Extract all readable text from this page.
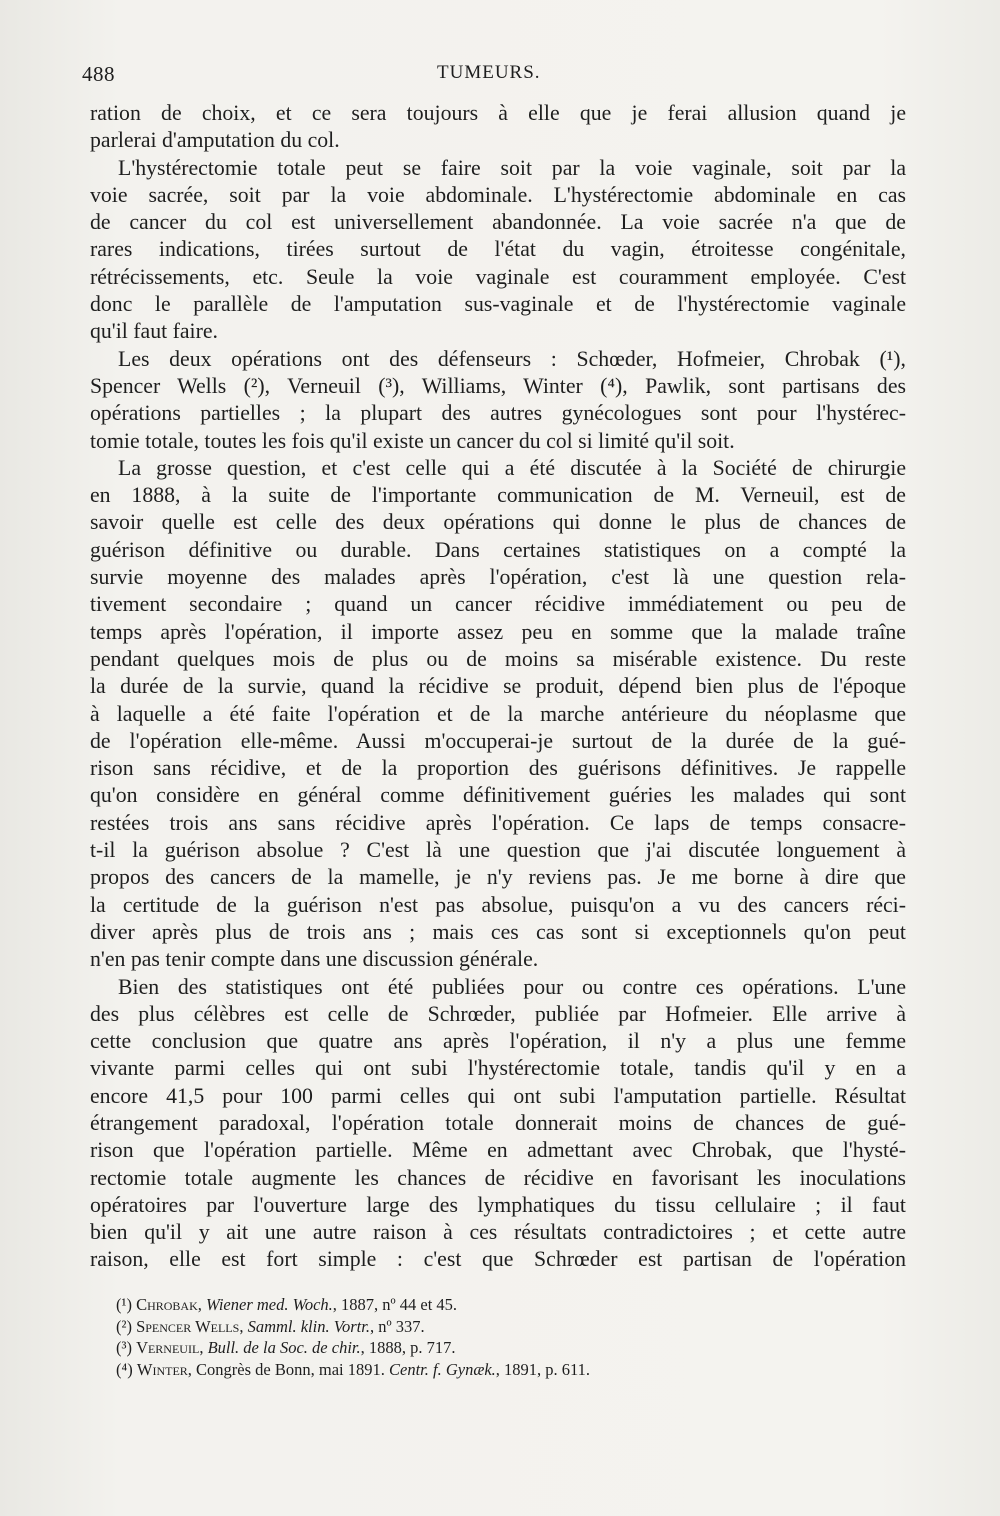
488	TUMEURS.
ration de choix, et ce sera toujours à elle que je ferai allusion quand je
parlerai d'amputation du col.
L'hystérectomie totale peut se faire soit par la voie vaginale, soit par la
voie sacrée, soit par la voie abdominale. L'hystérectomie abdominale en cas
de cancer du col est universellement abandonnée. La voie sacrée n'a que de
rares indications, tirées surtout de l'état du vagin, étroitesse congénitale,
rétrécissements, etc. Seule la voie vaginale est couramment employée. C'est
donc le parallèle de l'amputation sus-vaginale et de l'hystérectomie vaginale
qu'il faut faire.
Les deux opérations ont des défenseurs : Schœder, Hofmeier, Chrobak (¹),
Spencer Wells (²), Verneuil (³), Williams, Winter (⁴), Pawlik, sont partisans des
opérations partielles ; la plupart des autres gynécologues sont pour l'hystérec-
tomie totale, toutes les fois qu'il existe un cancer du col si limité qu'il soit.
La grosse question, et c'est celle qui a été discutée à la Société de chirurgie
en 1888, à la suite de l'importante communication de M. Verneuil, est de
savoir quelle est celle des deux opérations qui donne le plus de chances de
guérison définitive ou durable. Dans certaines statistiques on a compté la
survie moyenne des malades après l'opération, c'est là une question rela-
tivement secondaire ; quand un cancer récidive immédiatement ou peu de
temps après l'opération, il importe assez peu en somme que la malade traîne
pendant quelques mois de plus ou de moins sa misérable existence. Du reste
la durée de la survie, quand la récidive se produit, dépend bien plus de l'époque
à laquelle a été faite l'opération et de la marche antérieure du néoplasme que
de l'opération elle-même. Aussi m'occuperai-je surtout de la durée de la gué-
rison sans récidive, et de la proportion des guérisons définitives. Je rappelle
qu'on considère en général comme définitivement guéries les malades qui sont
restées trois ans sans récidive après l'opération. Ce laps de temps consacre-
t-il la guérison absolue ? C'est là une question que j'ai discutée longuement à
propos des cancers de la mamelle, je n'y reviens pas. Je me borne à dire que
la certitude de la guérison n'est pas absolue, puisqu'on a vu des cancers réci-
diver après plus de trois ans ; mais ces cas sont si exceptionnels qu'on peut
n'en pas tenir compte dans une discussion générale.
Bien des statistiques ont été publiées pour ou contre ces opérations. L'une
des plus célèbres est celle de Schrœder, publiée par Hofmeier. Elle arrive à
cette conclusion que quatre ans après l'opération, il n'y a plus une femme
vivante parmi celles qui ont subi l'hystérectomie totale, tandis qu'il y en a
encore 41,5 pour 100 parmi celles qui ont subi l'amputation partielle. Résultat
étrangement paradoxal, l'opération totale donnerait moins de chances de gué-
rison que l'opération partielle. Même en admettant avec Chrobak, que l'hysté-
rectomie totale augmente les chances de récidive en favorisant les inoculations
opératoires par l'ouverture large des lymphatiques du tissu cellulaire ; il faut
bien qu'il y ait une autre raison à ces résultats contradictoires ; et cette autre
raison, elle est fort simple : c'est que Schrœder est partisan de l'opération
(¹) Chrobak, Wiener med. Woch., 1887, nº 44 et 45.
(²) Spencer Wells, Samml. klin. Vortr., nº 337.
(³) Verneuil, Bull. de la Soc. de chir., 1888, p. 717.
(⁴) Winter, Congrès de Bonn, mai 1891. Centr. f. Gynæk., 1891, p. 611.
